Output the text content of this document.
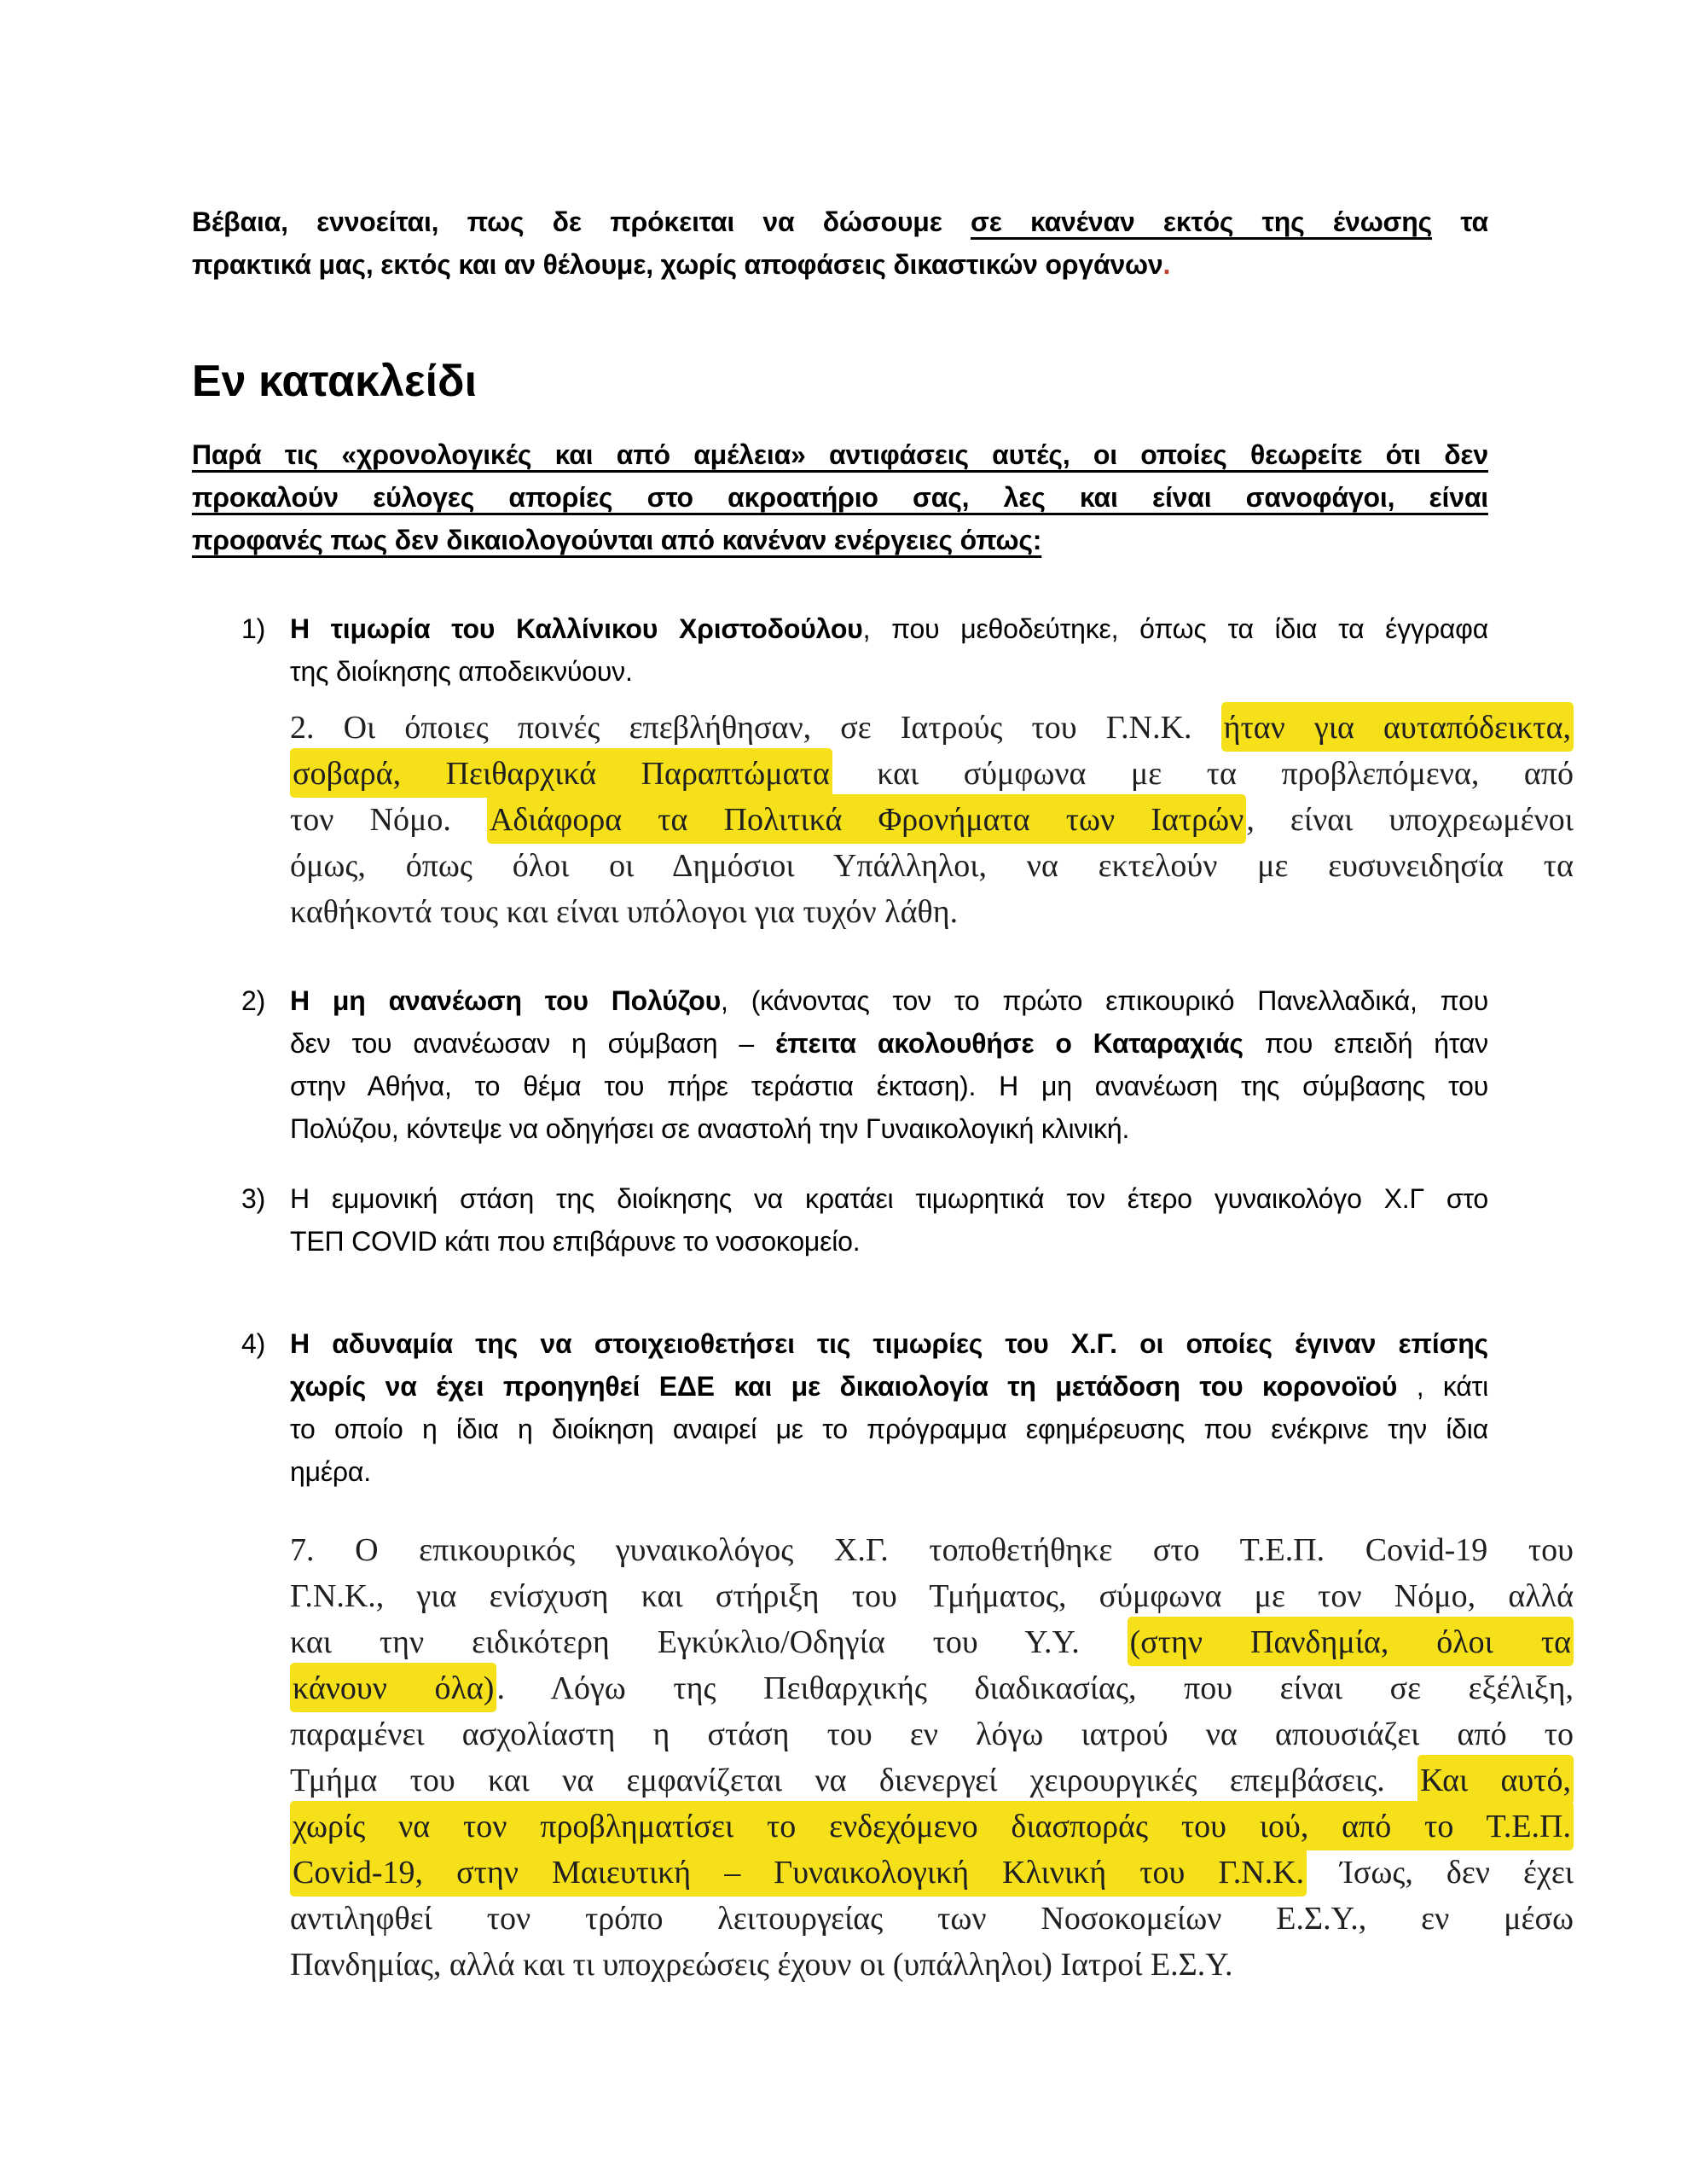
Βέβαια, εννοείται, πως δε πρόκειται να δώσουμε σε κανέναν εκτός της ένωσης τα
πρακτικά μας, εκτός και αν θέλουμε, χωρίς αποφάσεις δικαστικών οργάνων.
Εν κατακλείδι
Παρά τις «χρονολογικές και από αμέλεια» αντιφάσεις αυτές, οι οποίες θεωρείτε ότι δεν
προκαλούν εύλογες απορίες στο ακροατήριο σας, λες και είναι σανοφάγοι, είναι
προφανές πως δεν δικαιολογούνται από κανέναν ενέργειες όπως:
1) Η τιμωρία του Καλλίνικου Χριστοδούλου, που μεθοδεύτηκε, όπως τα ίδια τα έγγραφα
της διοίκησης αποδεικνύουν.
2. Οι όποιες ποινές επεβλήθησαν, σε Ιατρούς του Γ.Ν.Κ. ήταν για αυταπόδεικτα,
σοβαρά, Πειθαρχικά Παραπτώματα και σύμφωνα με τα προβλεπόμενα, από
τον Νόμο. Αδιάφορα τα Πολιτικά Φρονήματα των Ιατρών, είναι υποχρεωμένοι
όμως, όπως όλοι οι Δημόσιοι Υπάλληλοι, να εκτελούν με ευσυνειδησία τα
καθήκοντά τους και είναι υπόλογοι για τυχόν λάθη.
2) Η μη ανανέωση του Πολύζου, (κάνοντας τον το πρώτο επικουρικό Πανελλαδικά, που
δεν του ανανέωσαν η σύμβαση – έπειτα ακολουθήσε ο Καταραχιάς που επειδή ήταν
στην Αθήνα, το θέμα του πήρε τεράστια έκταση). Η μη ανανέωση της σύμβασης του
Πολύζου, κόντεψε να οδηγήσει σε αναστολή την Γυναικολογική κλινική.
3) Η εμμονική στάση της διοίκησης να κρατάει τιμωρητικά τον έτερο γυναικολόγο Χ.Γ στο
ΤΕΠ COVID κάτι που επιβάρυνε το νοσοκομείο.
4) Η αδυναμία της να στοιχειοθετήσει τις τιμωρίες του Χ.Γ. οι οποίες έγιναν επίσης
χωρίς να έχει προηγηθεί ΕΔΕ και με δικαιολογία τη μετάδοση του κορονοϊού , κάτι
το οποίο η ίδια η διοίκηση αναιρεί με το πρόγραμμα εφημέρευσης που ενέκρινε την ίδια
ημέρα.
7. Ο επικουρικός γυναικολόγος Χ.Γ. τοποθετήθηκε στο Τ.Ε.Π. Covid-19 του
Γ.Ν.Κ., για ενίσχυση και στήριξη του Τμήματος, σύμφωνα με τον Νόμο, αλλά
και την ειδικότερη Εγκύκλιο/Οδηγία του Υ.Υ. (στην Πανδημία, όλοι τα
κάνουν όλα). Λόγω της Πειθαρχικής διαδικασίας, που είναι σε εξέλιξη,
παραμένει ασχολίαστη η στάση του εν λόγω ιατρού να απουσιάζει από το
Τμήμα του και να εμφανίζεται να διενεργεί χειρουργικές επεμβάσεις. Και αυτό,
χωρίς να τον προβληματίσει το ενδεχόμενο διασποράς του ιού, από το Τ.Ε.Π.
Covid-19, στην Μαιευτική – Γυναικολογική Κλινική του Γ.Ν.Κ. Ίσως, δεν έχει
αντιληφθεί τον τρόπο λειτουργείας των Νοσοκομείων Ε.Σ.Υ., εν μέσω
Πανδημίας, αλλά και τι υποχρεώσεις έχουν οι (υπάλληλοι) Ιατροί Ε.Σ.Υ.
